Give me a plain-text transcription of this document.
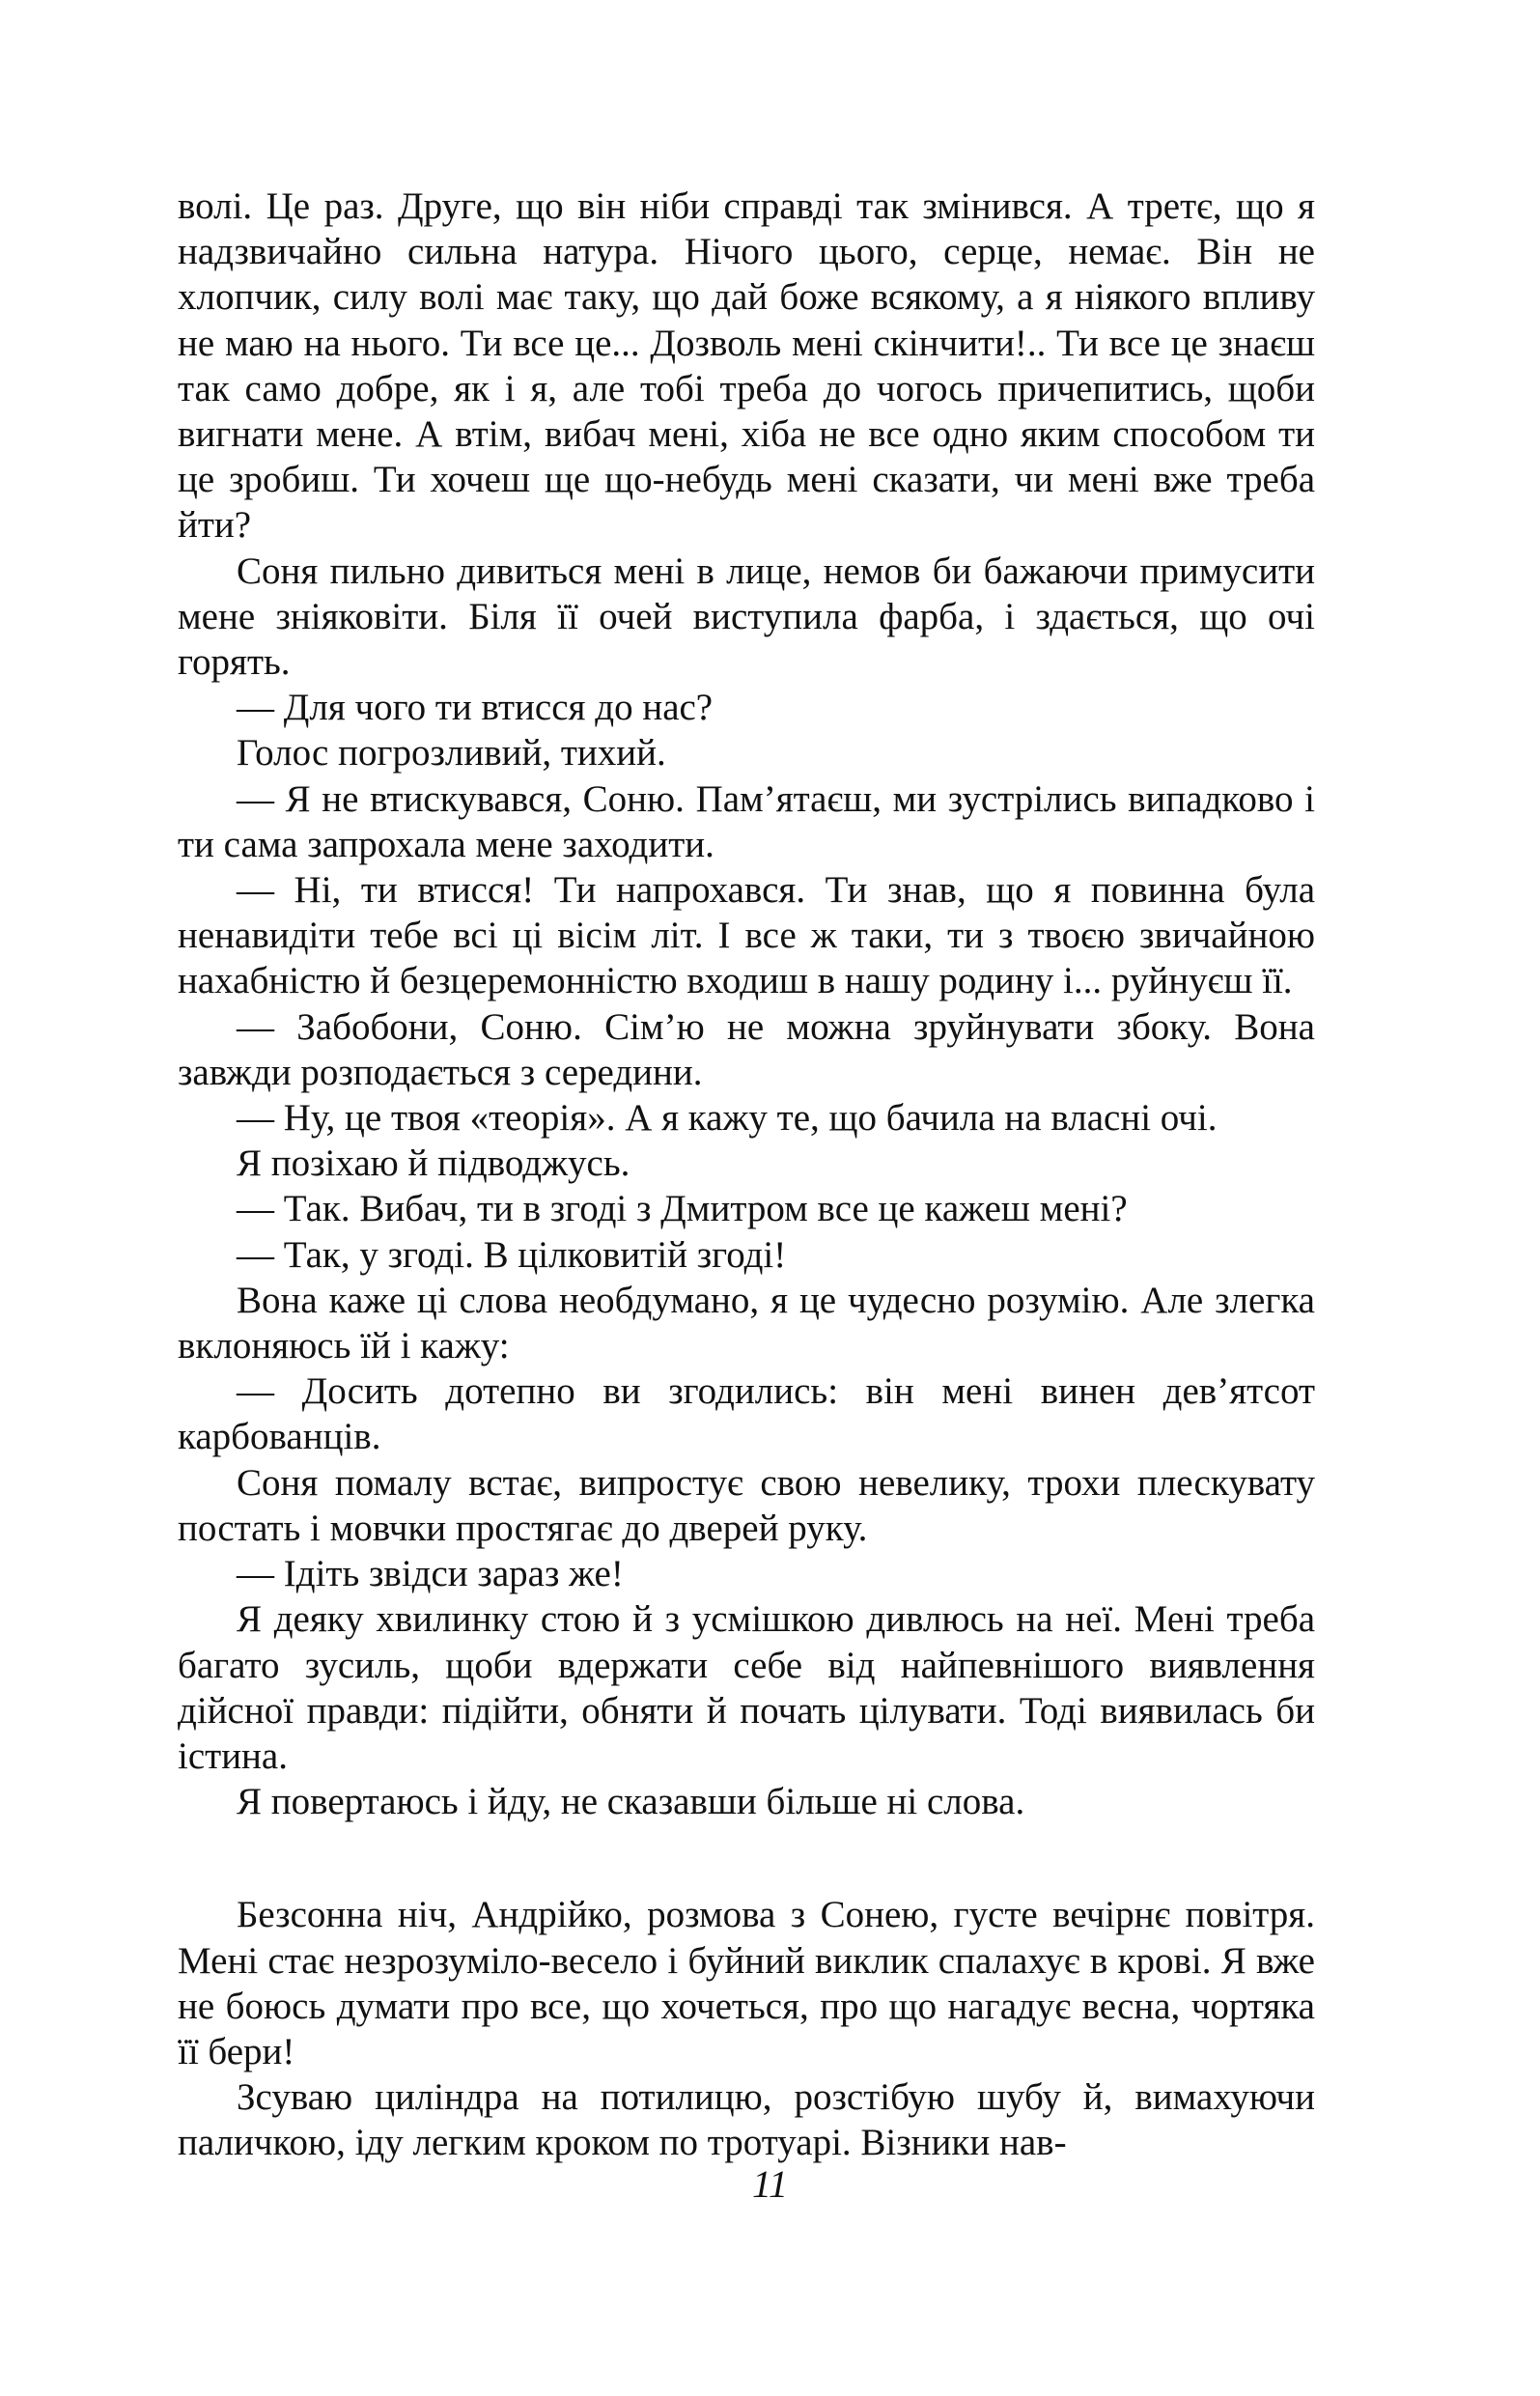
волі. Це раз. Друге, що він ніби справді так змінився. А третє, що я надзвичайно сильна натура. Нічого цього, серце, немає. Він не хлопчик, силу волі має таку, що дай боже всякому, а я ніякого впливу не маю на нього. Ти все це... Дозволь мені скінчити!.. Ти все це знаєш так само добре, як і я, але тобі треба до чогось причепитись, щоби вигнати мене. А втім, вибач мені, хіба не все одно яким способом ти це зробиш. Ти хочеш ще що-небудь мені сказати, чи мені вже треба йти?

Соня пильно дивиться мені в лице, немов би бажаючи примусити мене зніяковіти. Біля її очей виступила фарба, і здається, що очі горять.

— Для чого ти втисся до нас?

Голос погрозливий, тихий.

— Я не втискувався, Соню. Пам’ятаєш, ми зустрілись випадково і ти сама запрохала мене заходити.

— Ні, ти втисся! Ти напрохався. Ти знав, що я повинна була ненавидіти тебе всі ці вісім літ. І все ж таки, ти з твоєю звичайною нахабністю й безцеремонністю входиш в нашу родину і... руйнуєш її.

— Забобони, Соню. Сім’ю не можна зруйнувати збоку. Вона завжди розподається з середини.

— Ну, це твоя «теорія». А я кажу те, що бачила на власні очі.

Я позіхаю й підводжусь.

— Так. Вибач, ти в згоді з Дмитром все це кажеш мені?

— Так, у згоді. В цілковитій згоді!

Вона каже ці слова необдумано, я це чудесно розумію. Але злегка вклоняюсь їй і кажу:

— Досить дотепно ви згодились: він мені винен дев’ятсот карбованців.

Соня помалу встає, випростує свою невелику, трохи плескувату постать і мовчки простягає до дверей руку.

— Ідіть звідси зараз же!

Я деяку хвилинку стою й з усмішкою дивлюсь на неї. Мені треба багато зусиль, щоби вдержати себе від найпевнішого виявлення дійсної правди: підійти, обняти й почать цілувати. Тоді виявилась би істина.

Я повертаюсь і йду, не сказавши більше ні слова.

Безсонна ніч, Андрійко, розмова з Сонею, густе вечірнє повітря. Мені стає незрозуміло-весело і буйний виклик спалахує в крові. Я вже не боюсь думати про все, що хочеться, про що нагадує весна, чортяка її бери!

Зсуваю циліндра на потилицю, розстібую шубу й, вимахуючи паличкою, іду легким кроком по тротуарі. Візники нав-

11
